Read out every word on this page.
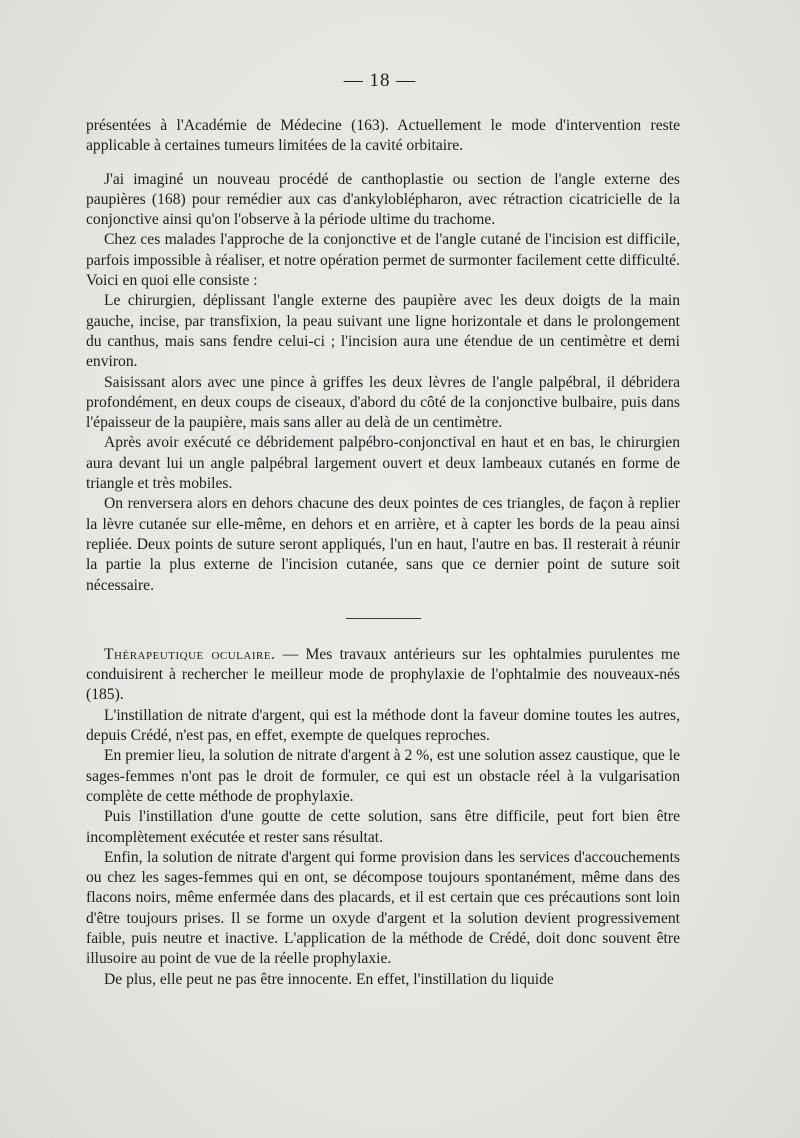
— 18 —

présentées à l'Académie de Médecine (163). Actuellement le mode d'intervention reste applicable à certaines tumeurs limitées de la cavité orbitaire.

J'ai imaginé un nouveau procédé de canthoplastie ou section de l'angle externe des paupières (168) pour remédier aux cas d'ankyloblépharon, avec rétraction cicatricielle de la conjonctive ainsi qu'on l'observe à la période ultime du trachome.

Chez ces malades l'approche de la conjonctive et de l'angle cutané de l'incision est difficile, parfois impossible à réaliser, et notre opération permet de surmonter facilement cette difficulté. Voici en quoi elle consiste :

Le chirurgien, déplissant l'angle externe des paupière avec les deux doigts de la main gauche, incise, par transfixion, la peau suivant une ligne horizontale et dans le prolongement du canthus, mais sans fendre celui-ci ; l'incision aura une étendue de un centimètre et demi environ.

Saisissant alors avec une pince à griffes les deux lèvres de l'angle palpébral, il débridera profondément, en deux coups de ciseaux, d'abord du côté de la conjonctive bulbaire, puis dans l'épaisseur de la paupière, mais sans aller au delà de un centimètre.

Après avoir exécuté ce débridement palpébro-conjonctival en haut et en bas, le chirurgien aura devant lui un angle palpébral largement ouvert et deux lambeaux cutanés en forme de triangle et très mobiles.

On renversera alors en dehors chacune des deux pointes de ces triangles, de façon à replier la lèvre cutanée sur elle-même, en dehors et en arrière, et à capter les bords de la peau ainsi repliée. Deux points de suture seront appliqués, l'un en haut, l'autre en bas. Il resterait à réunir la partie la plus externe de l'incision cutanée, sans que ce dernier point de suture soit nécessaire.

Thérapeutique oculaire. — Mes travaux antérieurs sur les ophtalmies purulentes me conduisirent à rechercher le meilleur mode de prophylaxie de l'ophtalmie des nouveaux-nés (185).

L'instillation de nitrate d'argent, qui est la méthode dont la faveur domine toutes les autres, depuis Crédé, n'est pas, en effet, exempte de quelques reproches.

En premier lieu, la solution de nitrate d'argent à 2 %, est une solution assez caustique, que le sages-femmes n'ont pas le droit de formuler, ce qui est un obstacle réel à la vulgarisation complète de cette méthode de prophylaxie.

Puis l'instillation d'une goutte de cette solution, sans être difficile, peut fort bien être incomplètement exécutée et rester sans résultat.

Enfin, la solution de nitrate d'argent qui forme provision dans les services d'accouchements ou chez les sages-femmes qui en ont, se décompose toujours spontanément, même dans des flacons noirs, même enfermée dans des placards, et il est certain que ces précautions sont loin d'être toujours prises. Il se forme un oxyde d'argent et la solution devient progressivement faible, puis neutre et inactive. L'application de la méthode de Crédé, doit donc souvent être illusoire au point de vue de la réelle prophylaxie.

De plus, elle peut ne pas être innocente. En effet, l'instillation du liquide
